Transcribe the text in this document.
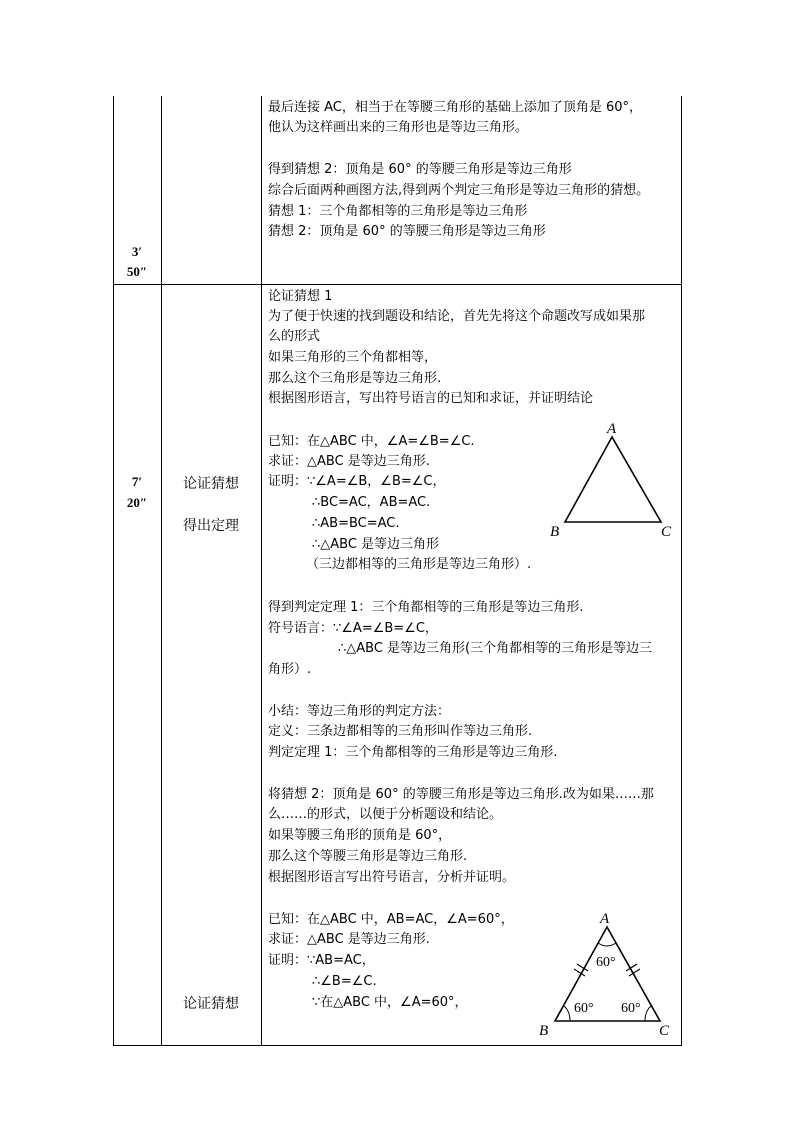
3′
50″
最后连接 AC，相当于在等腰三角形的基础上添加了顶角是 60°，
他认为这样画出来的三角形也是等边三角形。
得到猜想 2：顶角是 60° 的等腰三角形是等边三角形
综合后面两种画图方法,得到两个判定三角形是等边三角形的猜想。
猜想 1：三个角都相等的三角形是等边三角形
猜想 2：顶角是 60° 的等腰三角形是等边三角形
7′
20″
论证猜想
得出定理
论证猜想
论证猜想 1
为了便于快速的找到题设和结论，首先先将这个命题改写成如果那
么的形式
如果三角形的三个角都相等，
那么这个三角形是等边三角形.
根据图形语言，写出符号语言的已知和求证，并证明结论
已知：在△ABC 中，∠A=∠B=∠C.
求证：△ABC 是等边三角形.
证明：∵∠A=∠B，∠B=∠C，
∴BC=AC，AB=AC.
∴AB=BC=AC.
∴△ABC 是等边三角形
（三边都相等的三角形是等边三角形）.
得到判定定理 1：三个角都相等的三角形是等边三角形.
符号语言：∵∠A=∠B=∠C，
∴△ABC 是等边三角形(三个角都相等的三角形是等边三
角形）.
小结：等边三角形的判定方法：
定义：三条边都相等的三角形叫作等边三角形.
判定定理 1：三个角都相等的三角形是等边三角形.
将猜想 2：顶角是 60° 的等腰三角形是等边三角形.改为如果……那
么……的形式，以便于分析题设和结论。
如果等腰三角形的顶角是 60°，
那么这个等腰三角形是等边三角形.
根据图形语言写出符号语言，分析并证明。
已知：在△ABC 中，AB=AC，∠A=60°，
求证：△ABC 是等边三角形.
证明：∵AB=AC，
∴∠B=∠C.
∵在△ABC 中，∠A=60°，
A
B	C
A
B	C
60°
60° 60°
